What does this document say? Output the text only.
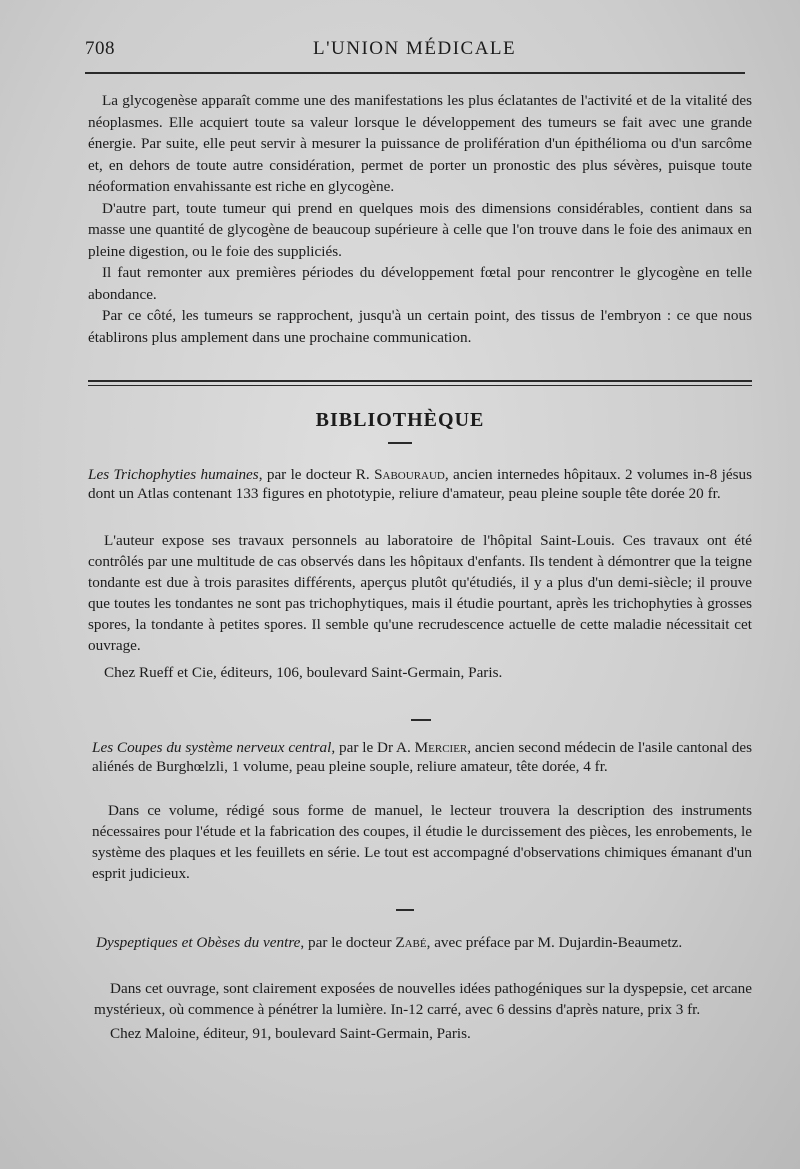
708	L'UNION MÉDICALE

La glycogenèse apparaît comme une des manifestations les plus éclatantes de l'activité et de la vitalité des néoplasmes. Elle acquiert toute sa valeur lorsque le développement des tumeurs se fait avec une grande énergie. Par suite, elle peut servir à mesurer la puissance de prolifération d'un épithélioma ou d'un sarcôme et, en dehors de toute autre considération, permet de porter un pronostic des plus sévères, puisque toute néoformation envahissante est riche en glycogène.

D'autre part, toute tumeur qui prend en quelques mois des dimensions considérables, contient dans sa masse une quantité de glycogène de beaucoup supérieure à celle que l'on trouve dans le foie des animaux en pleine digestion, ou le foie des suppliciés.

Il faut remonter aux premières périodes du développement fœtal pour rencontrer le glycogène en telle abondance.

Par ce côté, les tumeurs se rapprochent, jusqu'à un certain point, des tissus de l'embryon : ce que nous établirons plus amplement dans une prochaine communication.

BIBLIOTHÈQUE
Les Trichophyties humaines, par le docteur R. Sabouraud, ancien internedes hôpitaux. 2 volumes in-8 jésus dont un Atlas contenant 133 figures en phototypie, reliure d'amateur, peau pleine souple tête dorée 20 fr.

L'auteur expose ses travaux personnels au laboratoire de l'hôpital Saint-Louis. Ces travaux ont été contrôlés par une multitude de cas observés dans les hôpitaux d'enfants. Ils tendent à démontrer que la teigne tondante est due à trois parasites différents, aperçus plutôt qu'étudiés, il y a plus d'un demi-siècle; il prouve que toutes les tondantes ne sont pas trichophytiques, mais il étudie pourtant, après les trichophyties à grosses spores, la tondante à petites spores. Il semble qu'une recrudescence actuelle de cette maladie nécessitait cet ouvrage.

Chez Rueff et Cie, éditeurs, 106, boulevard Saint-Germain, Paris.

Les Coupes du système nerveux central, par le Dr A. Mercier, ancien second médecin de l'asile cantonal des aliénés de Burghœlzli, 1 volume, peau pleine souple, reliure amateur, tête dorée, 4 fr.

Dans ce volume, rédigé sous forme de manuel, le lecteur trouvera la description des instruments nécessaires pour l'étude et la fabrication des coupes, il étudie le durcissement des pièces, les enrobements, le système des plaques et les feuillets en série. Le tout est accompagné d'observations chimiques émanant d'un esprit judicieux.

Dyspeptiques et Obèses du ventre, par le docteur Zabé, avec préface par M. Dujardin-Beaumetz.

Dans cet ouvrage, sont clairement exposées de nouvelles idées pathogéniques sur la dyspepsie, cet arcane mystérieux, où commence à pénétrer la lumière. In-12 carré, avec 6 dessins d'après nature, prix 3 fr.

Chez Maloine, éditeur, 91, boulevard Saint-Germain, Paris.
